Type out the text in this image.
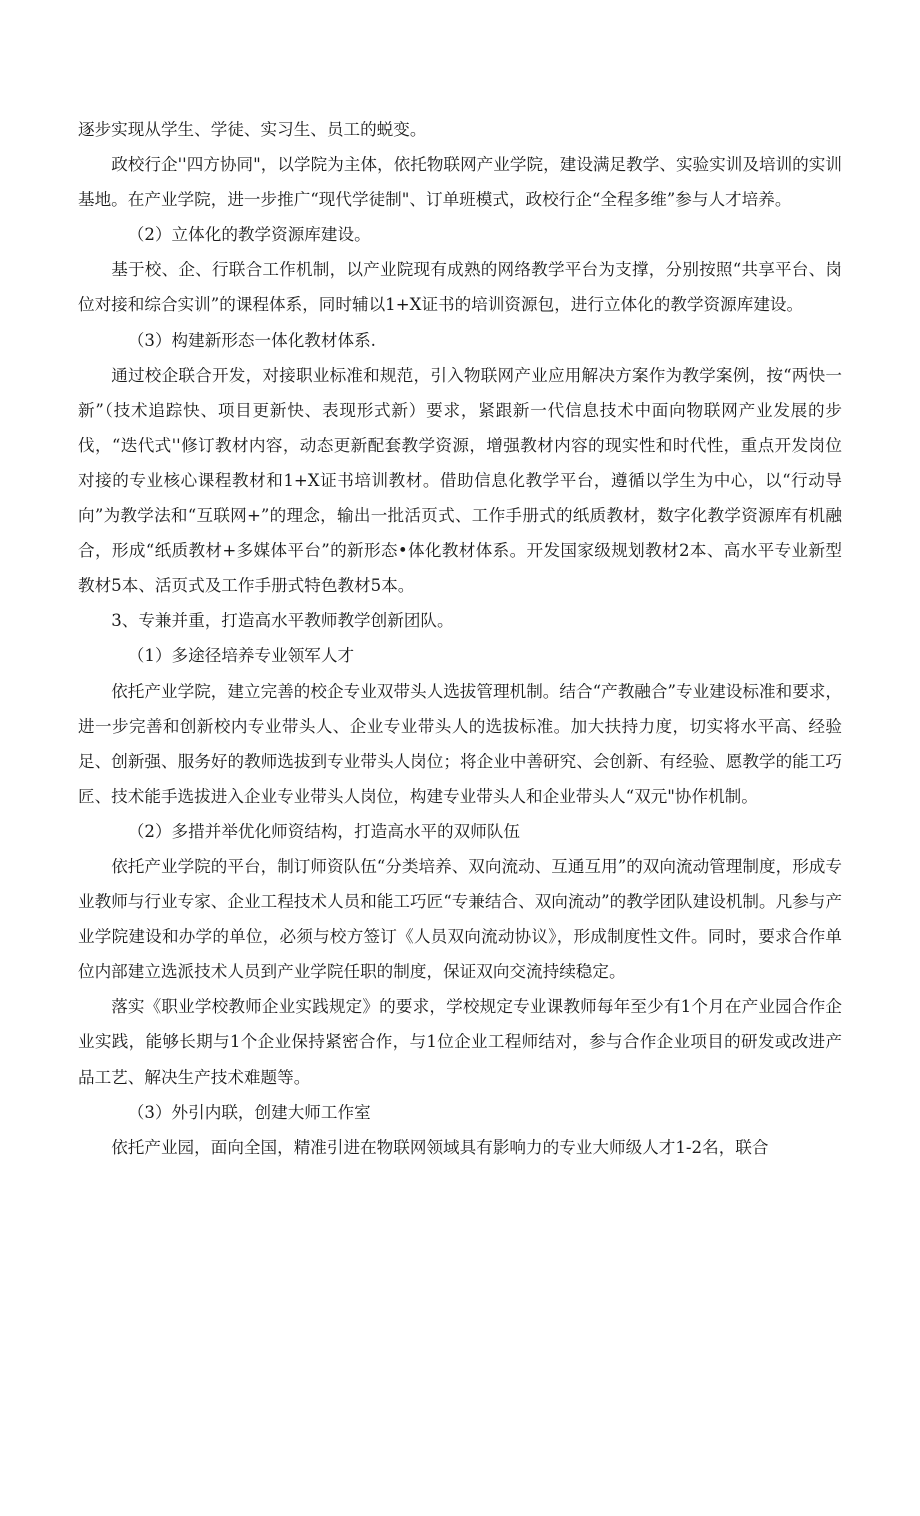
逐步实现从学生、学徒、实习生、员工的蜕变。

政校行企''四方协同"，以学院为主体，依托物联网产业学院，建设满足教学、实验实训及培训的实训基地。在产业学院，进一步推广“现代学徒制"、订单班模式，政校行企“全程多维”参与人才培养。

（2）立体化的教学资源库建设。

基于校、企、行联合工作机制，以产业院现有成熟的网络教学平台为支撑，分别按照“共享平台、岗位对接和综合实训”的课程体系，同时辅以1+X证书的培训资源包，进行立体化的教学资源库建设。

（3）构建新形态一体化教材体系.

通过校企联合开发，对接职业标准和规范，引入物联网产业应用解决方案作为教学案例，按“两快一新”（技术追踪快、项目更新快、表现形式新）要求，紧跟新一代信息技术中面向物联网产业发展的步伐，“迭代式''修订教材内容，动态更新配套教学资源，增强教材内容的现实性和时代性，重点开发岗位对接的专业核心课程教材和1+X证书培训教材。借助信息化教学平台，遵循以学生为中心，以“行动导向”为教学法和“互联网+”的理念，输出一批活页式、工作手册式的纸质教材，数字化教学资源库有机融合，形成“纸质教材+多媒体平台”的新形态•体化教材体系。开发国家级规划教材2本、高水平专业新型教材5本、活页式及工作手册式特色教材5本。

3、专兼并重，打造高水平教师教学创新团队。

（1）多途径培养专业领军人才

依托产业学院，建立完善的校企专业双带头人选拔管理机制。结合“产教融合”专业建设标准和要求，进一步完善和创新校内专业带头人、企业专业带头人的选拔标准。加大扶持力度，切实将水平高、经验足、创新强、服务好的教师选拔到专业带头人岗位；将企业中善研究、会创新、有经验、愿教学的能工巧匠、技术能手选拔进入企业专业带头人岗位，构建专业带头人和企业带头人“双元"协作机制。

（2）多措并举优化师资结构，打造高水平的双师队伍

依托产业学院的平台，制订师资队伍“分类培养、双向流动、互通互用”的双向流动管理制度，形成专业教师与行业专家、企业工程技术人员和能工巧匠“专兼结合、双向流动”的教学团队建设机制。凡参与产业学院建设和办学的单位，必须与校方签订《人员双向流动协议》，形成制度性文件。同时，要求合作单位内部建立选派技术人员到产业学院任职的制度，保证双向交流持续稳定。

落实《职业学校教师企业实践规定》的要求，学校规定专业课教师每年至少有1个月在产业园合作企业实践，能够长期与1个企业保持紧密合作，与1位企业工程师结对，参与合作企业项目的研发或改进产品工艺、解决生产技术难题等。

（3）外引内联，创建大师工作室

依托产业园，面向全国，精准引进在物联网领域具有影响力的专业大师级人才1-2名，联合
